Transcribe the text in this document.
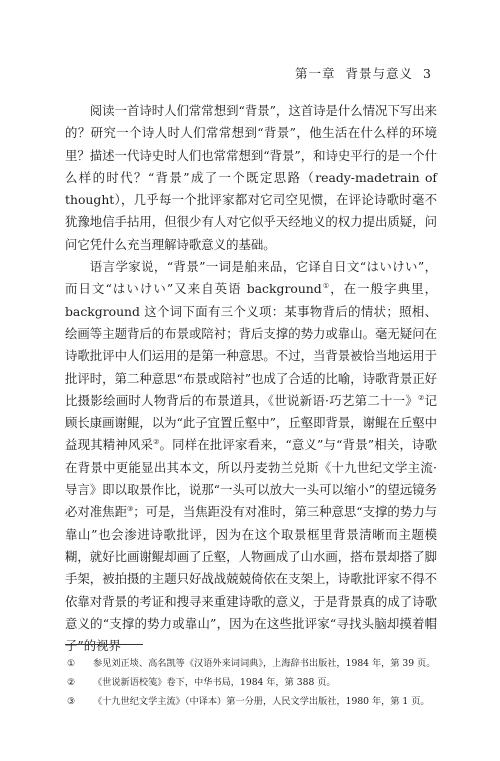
第一章 背景与意义 3

阅读一首诗时人们常常想到“背景”，这首诗是什么情况下写出来的？研究一个诗人时人们常常想到“背景”，他生活在什么样的环境里？描述一代诗史时人们也常常想到“背景”，和诗史平行的是一个什么样的时代？“背景”成了一个既定思路（ready-madetrain of thought），几乎每一个批评家都对它司空见惯，在评论诗歌时毫不犹豫地信手拈用，但很少有人对它似乎天经地义的权力提出质疑，问问它凭什么充当理解诗歌意义的基础。

语言学家说，“背景”一词是舶来品，它译自日文“はいけい”，而日文“はいけい”又来自英语 background①，在一般字典里，background 这个词下面有三个义项：某事物背后的情状；照相、绘画等主题背后的布景或陪衬；背后支撑的势力或靠山。毫无疑问在诗歌批评中人们运用的是第一种意思。不过，当背景被恰当地运用于批评时，第二种意思“布景或陪衬”也成了合适的比喻，诗歌背景正好比摄影绘画时人物背后的布景道具，《世说新语·巧艺第二十一》②记顾长康画谢鲲，以为“此子宜置丘壑中”，丘壑即背景，谢鲲在丘壑中益现其精神风采②。同样在批评家看来，“意义”与“背景”相关，诗歌在背景中更能显出其本文，所以丹麦勃兰兑斯《十九世纪文学主流·导言》即以取景作比，说那“一头可以放大一头可以缩小”的望远镜务必对准焦距③；可是，当焦距没有对准时，第三种意思“支撑的势力与靠山”也会渗进诗歌批评，因为在这个取景框里背景清晰而主题模糊，就好比画谢鲲却画了丘壑，人物画成了山水画，搭布景却搭了脚手架，被拍摄的主题只好战战兢兢倚依在支架上，诗歌批评家不得不依靠对背景的考证和搜寻来重建诗歌的意义，于是背景真的成了诗歌意义的“支撑的势力或靠山”，因为在这些批评家“寻找头脑却摸着帽子”的视界

①	参见刘正埮、高名凯等《汉语外来词词典》，上海辞书出版社，1984 年，第 39 页。
②	《世说新语校笺》卷下，中华书局，1984 年，第 388 页。
③	《十九世纪文学主流》（中译本）第一分册，人民文学出版社，1980 年，第 1 页。
